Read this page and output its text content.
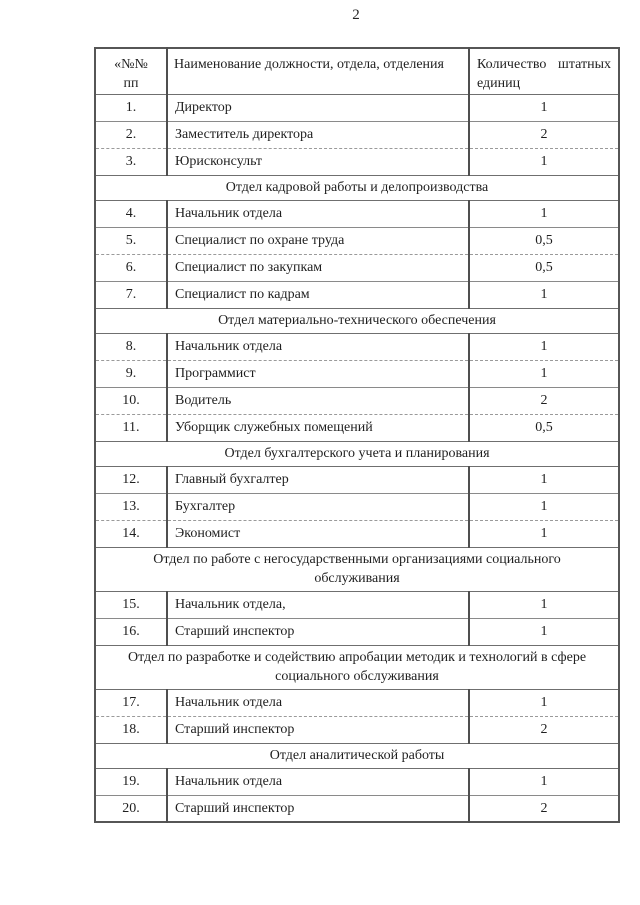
2
«№№
пп	Наименование должности, отдела, отделения	Количество штатных единиц
1.	Директор	1
2.	Заместитель директора	2
3.	Юрисконсульт	1
Отдел кадровой работы и делопроизводства		
4.	Начальник отдела	1
5.	Специалист по охране труда	0,5
6.	Специалист по закупкам	0,5
7.	Специалист по кадрам	1
Отдел материально-технического обеспечения		
8.	Начальник отдела	1
9.	Программист	1
10.	Водитель	2
11.	Уборщик служебных помещений	0,5
Отдел бухгалтерского учета и планирования		
12.	Главный бухгалтер	1
13.	Бухгалтер	1
14.	Экономист	1
Отдел по работе с негосударственными организациями социального обслуживания		
15.	Начальник отдела,	1
16.	Старший инспектор	1
Отдел по разработке и содействию апробации методик и технологий в сфере социального обслуживания		
17.	Начальник отдела	1
18.	Старший инспектор	2
Отдел аналитической работы		
19.	Начальник отдела	1
20.	Старший инспектор	2
